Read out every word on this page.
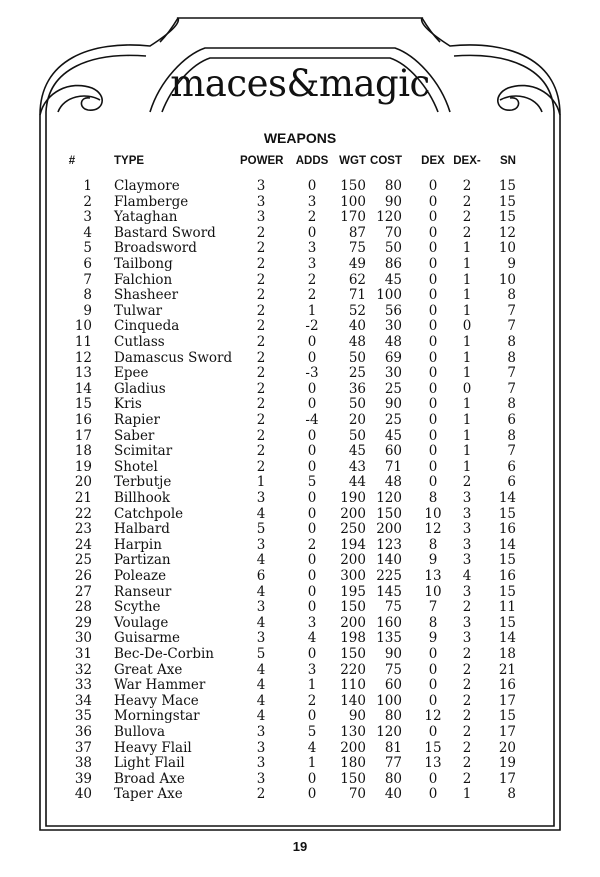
maces&magic
WEAPONS
#	TYPE	POWER ADDS WGT COST	DEX DEX-	SN
1 Claymore	3	0	150	80	0	2	15
2 Flamberge	3	3	100	90	0	2	15
3 Yataghan	3	2	170 120	0	2	15
4 Bastard Sword	2	0	87	70	0	2	12
5 Broadsword	2	3	75	50	0	1	10
6 Tailbong	2	3	49	86	0	1	9
7 Falchion	2	2	62	45	0	1	10
8 Shasheer	2	2	71 100	0	1	8
9 Tulwar	2	1	52	56	0	1	7
10 Cinqueda	2	-2	40	30	0	0	7
11 Cutlass	2	0	48	48	0	1	8
12 Damascus Sword	2	0	50	69	0	1	8
13 Epee	2	-3	25	30	0	1	7
14 Gladius	2	0	36	25	0	0	7
15 Kris	2	0	50	90	0	1	8
16 Rapier	2	-4	20	25	0	1	6
17 Saber	2	0	50	45	0	1	8
18 Scimitar	2	0	45	60	0	1	7
19 Shotel	2	0	43	71	0	1	6
20 Terbutje	1	5	44	48	0	2	6
21 Billhook	3	0	190 120	8	3	14
22 Catchpole	4	0	200 150	10	3	15
23 Halbard	5	0	250 200	12	3	16
24 Harpin	3	2	194 123	8	3	14
25 Partizan	4	0	200 140	9	3	15
26 Poleaze	6	0	300 225	13	4	16
27 Ranseur	4	0	195 145	10	3	15
28 Scythe	3	0	150	75	7	2	11
29 Voulage	4	3	200 160	8	3	15
30 Guisarme	3	4	198 135	9	3	14
31 Bec-De-Corbin	5	0	150	90	0	2	18
32 Great Axe	4	3	220	75	0	2	21
33 War Hammer	4	1	110	60	0	2	16
34 Heavy Mace	4	2	140 100	0	2	17
35 Morningstar	4	0	90	80	12	2	15
36 Bullova	3	5	130 120	0	2	17
37 Heavy Flail	3	4	200	81	15	2	20
38 Light Flail	3	1	180	77	13	2	19
39 Broad Axe	3	0	150	80	0	2	17
40 Taper Axe	2	0	70	40	0	1	8
19
